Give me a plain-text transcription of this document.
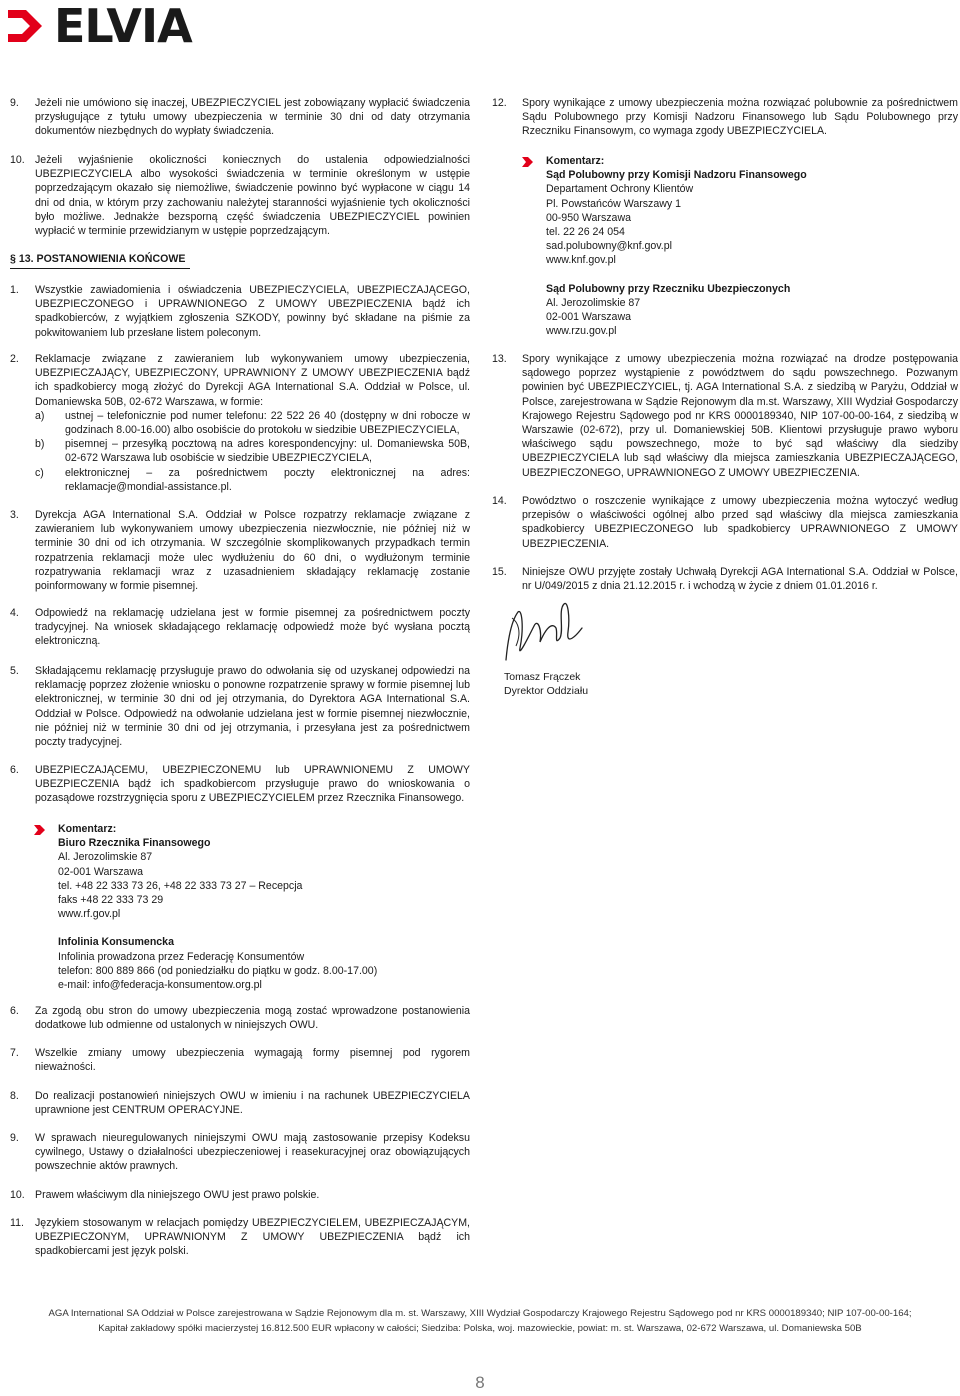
ELVIA
9. Jeżeli nie umówiono się inaczej, UBEZPIECZYCIEL jest zobowiązany wypłacić świadczenia przysługujące z tytułu umowy ubezpieczenia w terminie 30 dni od daty otrzymania dokumentów niezbędnych do wypłaty świadczenia.
10. Jeżeli wyjaśnienie okoliczności koniecznych do ustalenia odpowiedzialności UBEZPIECZYCIELA albo wysokości świadczenia w terminie określonym w ustępie poprzedzającym okazało się niemożliwe, świadczenie powinno być wypłacone w ciągu 14 dni od dnia, w którym przy zachowaniu należytej staranności wyjaśnienie tych okoliczności było możliwe. Jednakże bezsporną część świadczenia UBEZPIECZYCIEL powinien wypłacić w terminie przewidzianym w ustępie poprzedzającym.
§ 13. POSTANOWIENIA KOŃCOWE
1. Wszystkie zawiadomienia i oświadczenia UBEZPIECZYCIELA, UBEZPIECZAJĄCEGO, UBEZPIECZONEGO i UPRAWNIONEGO Z UMOWY UBEZPIECZENIA bądź ich spadkobierców, z wyjątkiem zgłoszenia SZKODY, powinny być składane na piśmie za pokwitowaniem lub przesłane listem poleconym.
2. Reklamacje związane z zawieraniem lub wykonywaniem umowy ubezpieczenia, UBEZPIECZAJĄCY, UBEZPIECZONY, UPRAWNIONY Z UMOWY UBEZPIECZENIA bądź ich spadkobiercy mogą złożyć do Dyrekcji AGA International S.A. Oddział w Polsce, ul. Domaniewska 50B, 02-672 Warszawa, w formie:
a)	ustnej – telefonicznie pod numer telefonu: 22 522 26 40 (dostępny w dni robocze w godzinach 8.00-16.00) albo osobiście do protokołu w siedzibie UBEZPIECZYCIELA,
b)	pisemnej – przesyłką pocztową na adres korespondencyjny: ul. Domaniewska 50B, 02-672 Warszawa lub osobiście w siedzibie UBEZPIECZYCIELA,
c)	elektronicznej – za pośrednictwem poczty elektronicznej na adres: reklamacje@mondial-assistance.pl.
3. Dyrekcja AGA International S.A. Oddział w Polsce rozpatrzy reklamacje związane z zawieraniem lub wykonywaniem umowy ubezpieczenia niezwłocznie, nie później niż w terminie 30 dni od ich otrzymania. W szczególnie skomplikowanych przypadkach termin rozpatrzenia reklamacji może ulec wydłużeniu do 60 dni, o wydłużonym terminie rozpatrywania reklamacji wraz z uzasadnieniem składający reklamację zostanie poinformowany w formie pisemnej.
4. Odpowiedź na reklamację udzielana jest w formie pisemnej za pośrednictwem poczty tradycyjnej. Na wniosek składającego reklamację odpowiedź może być wysłana pocztą elektroniczną.
5. Składającemu reklamację przysługuje prawo do odwołania się od uzyskanej odpowiedzi na reklamację poprzez złożenie wniosku o ponowne rozpatrzenie sprawy w formie pisemnej lub elektronicznej, w terminie 30 dni od jej otrzymania, do Dyrektora AGA International S.A. Oddział w Polsce. Odpowiedź na odwołanie udzielana jest w formie pisemnej niezwłocznie, nie później niż w terminie 30 dni od jej otrzymania, i przesyłana jest za pośrednictwem poczty tradycyjnej.
6. UBEZPIECZAJĄCEMU, UBEZPIECZONEMU lub UPRAWNIONEMU Z UMOWY UBEZPIECZENIA bądź ich spadkobiercom przysługuje prawo do wnioskowania o pozasądowe rozstrzygnięcia sporu z UBEZPIECZYCIELEM przez Rzecznika Finansowego.
Komentarz:
Biuro Rzecznika Finansowego
Al. Jerozolimskie 87
02-001 Warszawa
tel. +48 22 333 73 26, +48 22 333 73 27 – Recepcja
faks +48 22 333 73 29
www.rf.gov.pl
Infolinia Konsumencka
Infolinia prowadzona przez Federację Konsumentów
telefon: 800 889 866 (od poniedziałku do piątku w godz. 8.00-17.00)
e-mail: info@federacja-konsumentow.org.pl
6. Za zgodą obu stron do umowy ubezpieczenia mogą zostać wprowadzone postanowienia dodatkowe lub odmienne od ustalonych w niniejszych OWU.
7. Wszelkie zmiany umowy ubezpieczenia wymagają formy pisemnej pod rygorem nieważności.
8. Do realizacji postanowień niniejszych OWU w imieniu i na rachunek UBEZPIECZYCIELA uprawnione jest CENTRUM OPERACYJNE.
9. W sprawach nieuregulowanych niniejszymi OWU mają zastosowanie przepisy Kodeksu cywilnego, Ustawy o działalności ubezpieczeniowej i reasekuracyjnej oraz obowiązujących powszechnie aktów prawnych.
10. Prawem właściwym dla niniejszego OWU jest prawo polskie.
11. Językiem stosowanym w relacjach pomiędzy UBEZPIECZYCIELEM, UBEZPIECZAJĄCYM, UBEZPIECZONYM, UPRAWNIONYM Z UMOWY UBEZPIECZENIA bądź ich spadkobiercami jest język polski.
12. Spory wynikające z umowy ubezpieczenia można rozwiązać polubownie za pośrednictwem Sądu Polubownego przy Komisji Nadzoru Finansowego lub Sądu Polubownego przy Rzeczniku Finansowym, co wymaga zgody UBEZPIECZYCIELA.
Komentarz:
Sąd Polubowny przy Komisji Nadzoru Finansowego
Departament Ochrony Klientów
Pl. Powstańców Warszawy 1
00-950 Warszawa
tel. 22 26 24 054
sad.polubowny@knf.gov.pl
www.knf.gov.pl
Sąd Polubowny przy Rzeczniku Ubezpieczonych
Al. Jerozolimskie 87
02-001 Warszawa
www.rzu.gov.pl
13. Spory wynikające z umowy ubezpieczenia można rozwiązać na drodze postępowania sądowego poprzez wystąpienie z powództwem do sądu powszechnego. Pozwanym powinien być UBEZPIECZYCIEL, tj. AGA International S.A. z siedzibą w Paryżu, Oddział w Polsce, zarejestrowana w Sądzie Rejonowym dla m.st. Warszawy, XIII Wydział Gospodarczy Krajowego Rejestru Sądowego pod nr KRS 0000189340, NIP 107-00-00-164, z siedzibą w Warszawie (02-672), przy ul. Domaniewskiej 50B. Klientowi przysługuje prawo wyboru właściwego sądu powszechnego, może to być sąd właściwy dla siedziby UBEZPIECZYCIELA lub sąd właściwy dla miejsca zamieszkania UBEZPIECZAJĄCEGO, UBEZPIECZONEGO, UPRAWNIONEGO Z UMOWY UBEZPIECZENIA.
14. Powództwo o roszczenie wynikające z umowy ubezpieczenia można wytoczyć według przepisów o właściwości ogólnej albo przed sąd właściwy dla miejsca zamieszkania spadkobiercy UBEZPIECZONEGO lub spadkobiercy UPRAWNIONEGO Z UMOWY UBEZPIECZENIA.
15. Niniejsze OWU przyjęte zostały Uchwałą Dyrekcji AGA International S.A. Oddział w Polsce, nr U/049/2015 z dnia 21.12.2015 r. i wchodzą w życie z dniem 01.01.2016 r.
Tomasz Frączek
Dyrektor Oddziału
AGA International SA Oddział w Polsce zarejestrowana w Sądzie Rejonowym dla m. st. Warszawy, XIII Wydział Gospodarczy Krajowego Rejestru Sądowego pod nr KRS 0000189340; NIP 107-00-00-164;
Kapitał zakładowy spółki macierzystej 16.812.500 EUR wpłacony w całości; Siedziba: Polska, woj. mazowieckie, powiat: m. st. Warszawa, 02-672 Warszawa, ul. Domaniewska 50B
8
